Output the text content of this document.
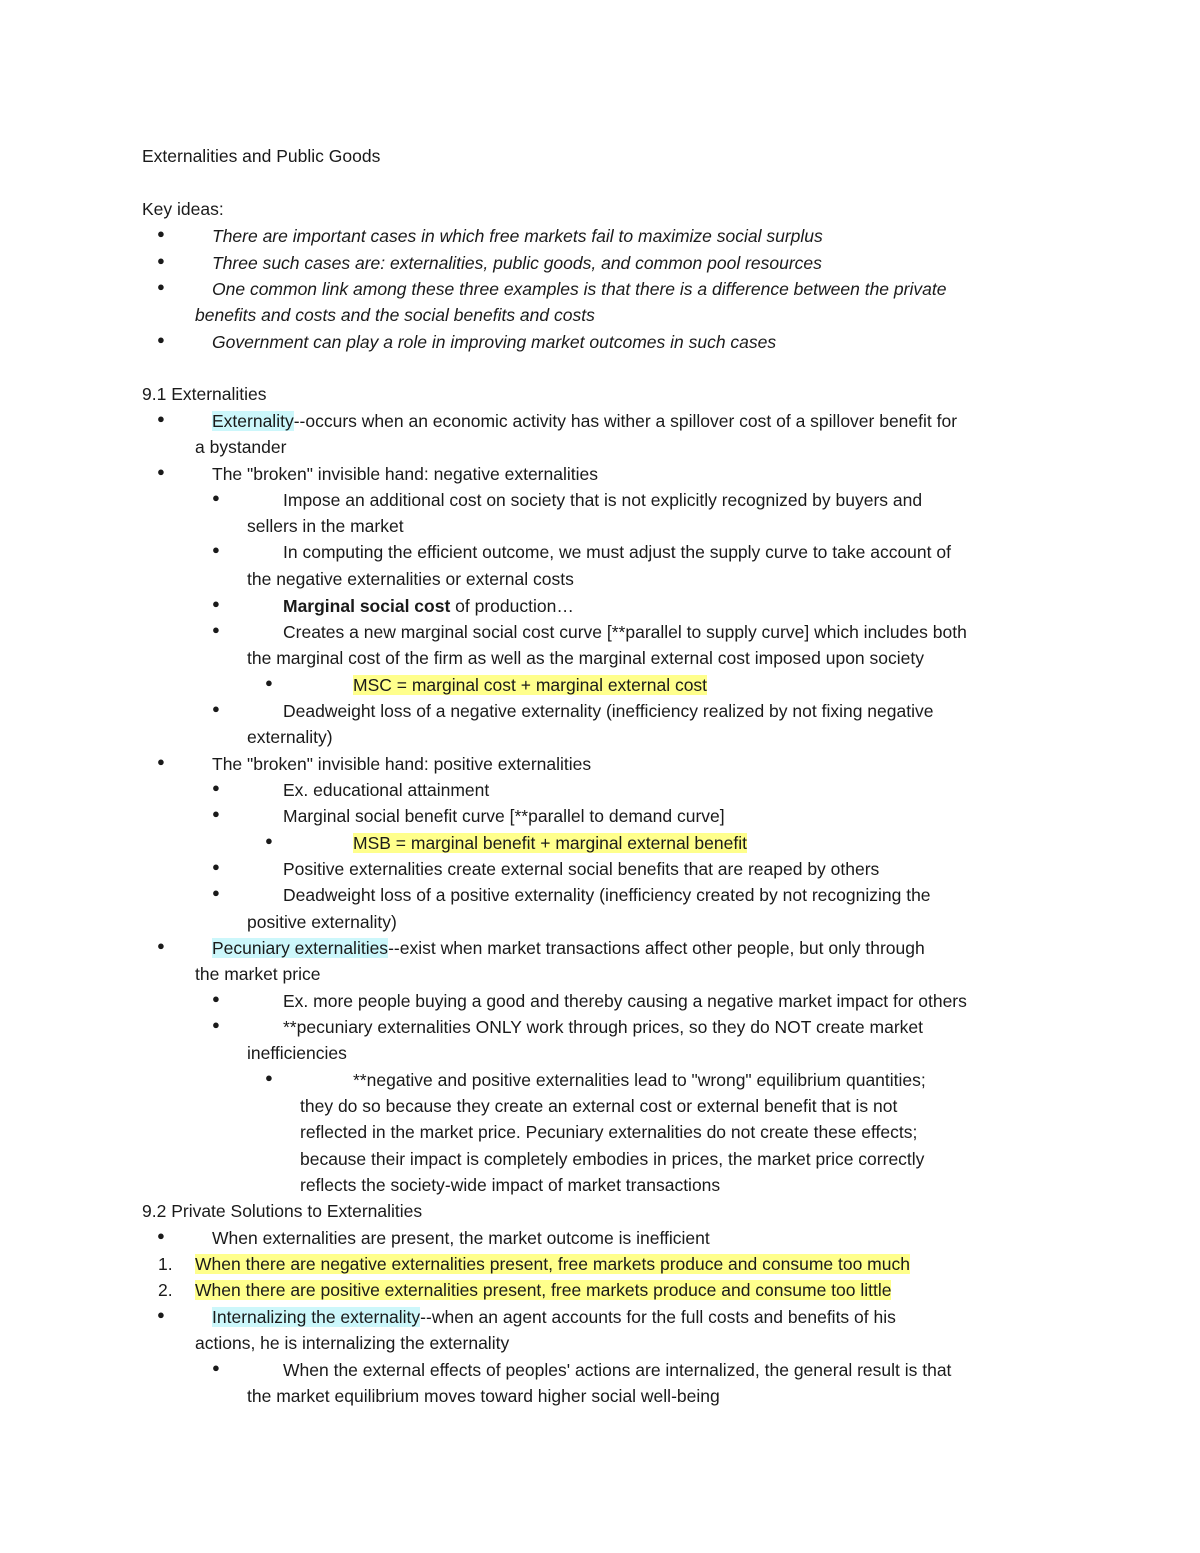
Externalities and Public Goods
Key ideas:
●	There are important cases in which free markets fail to maximize social surplus
●	Three such cases are: externalities, public goods, and common pool resources
●	One common link among these three examples is that there is a difference between the private
benefits and costs and the social benefits and costs
●	Government can play a role in improving market outcomes in such cases
9.1 Externalities
●	Externality--occurs when an economic activity has wither a spillover cost of a spillover benefit for
a bystander
●	The "broken" invisible hand: negative externalities
●	Impose an additional cost on society that is not explicitly recognized by buyers and
sellers in the market
●	In computing the efficient outcome, we must adjust the supply curve to take account of
the negative externalities or external costs
●	Marginal social cost of production…
●	Creates a new marginal social cost curve [**parallel to supply curve] which includes both
the marginal cost of the firm as well as the marginal external cost imposed upon society
●	MSC = marginal cost + marginal external cost
●	Deadweight loss of a negative externality (inefficiency realized by not fixing negative
externality)
●	The "broken" invisible hand: positive externalities
●	Ex. educational attainment
●	Marginal social benefit curve [**parallel to demand curve]
●	MSB = marginal benefit + marginal external benefit
●	Positive externalities create external social benefits that are reaped by others
●	Deadweight loss of a positive externality (inefficiency created by not recognizing the
positive externality)
●	Pecuniary externalities--exist when market transactions affect other people, but only through
the market price
●	Ex. more people buying a good and thereby causing a negative market impact for others
●	**pecuniary externalities ONLY work through prices, so they do NOT create market
inefficiencies
●	**negative and positive externalities lead to "wrong" equilibrium quantities;
they do so because they create an external cost or external benefit that is not
reflected in the market price. Pecuniary externalities do not create these effects;
because their impact is completely embodies in prices, the market price correctly
reflects the society-wide impact of market transactions
9.2 Private Solutions to Externalities
●	When externalities are present, the market outcome is inefficient
1. When there are negative externalities present, free markets produce and consume too much
2. When there are positive externalities present, free markets produce and consume too little
●	Internalizing the externality--when an agent accounts for the full costs and benefits of his
actions, he is internalizing the externality
●	When the external effects of peoples' actions are internalized, the general result is that
the market equilibrium moves toward higher social well-being
